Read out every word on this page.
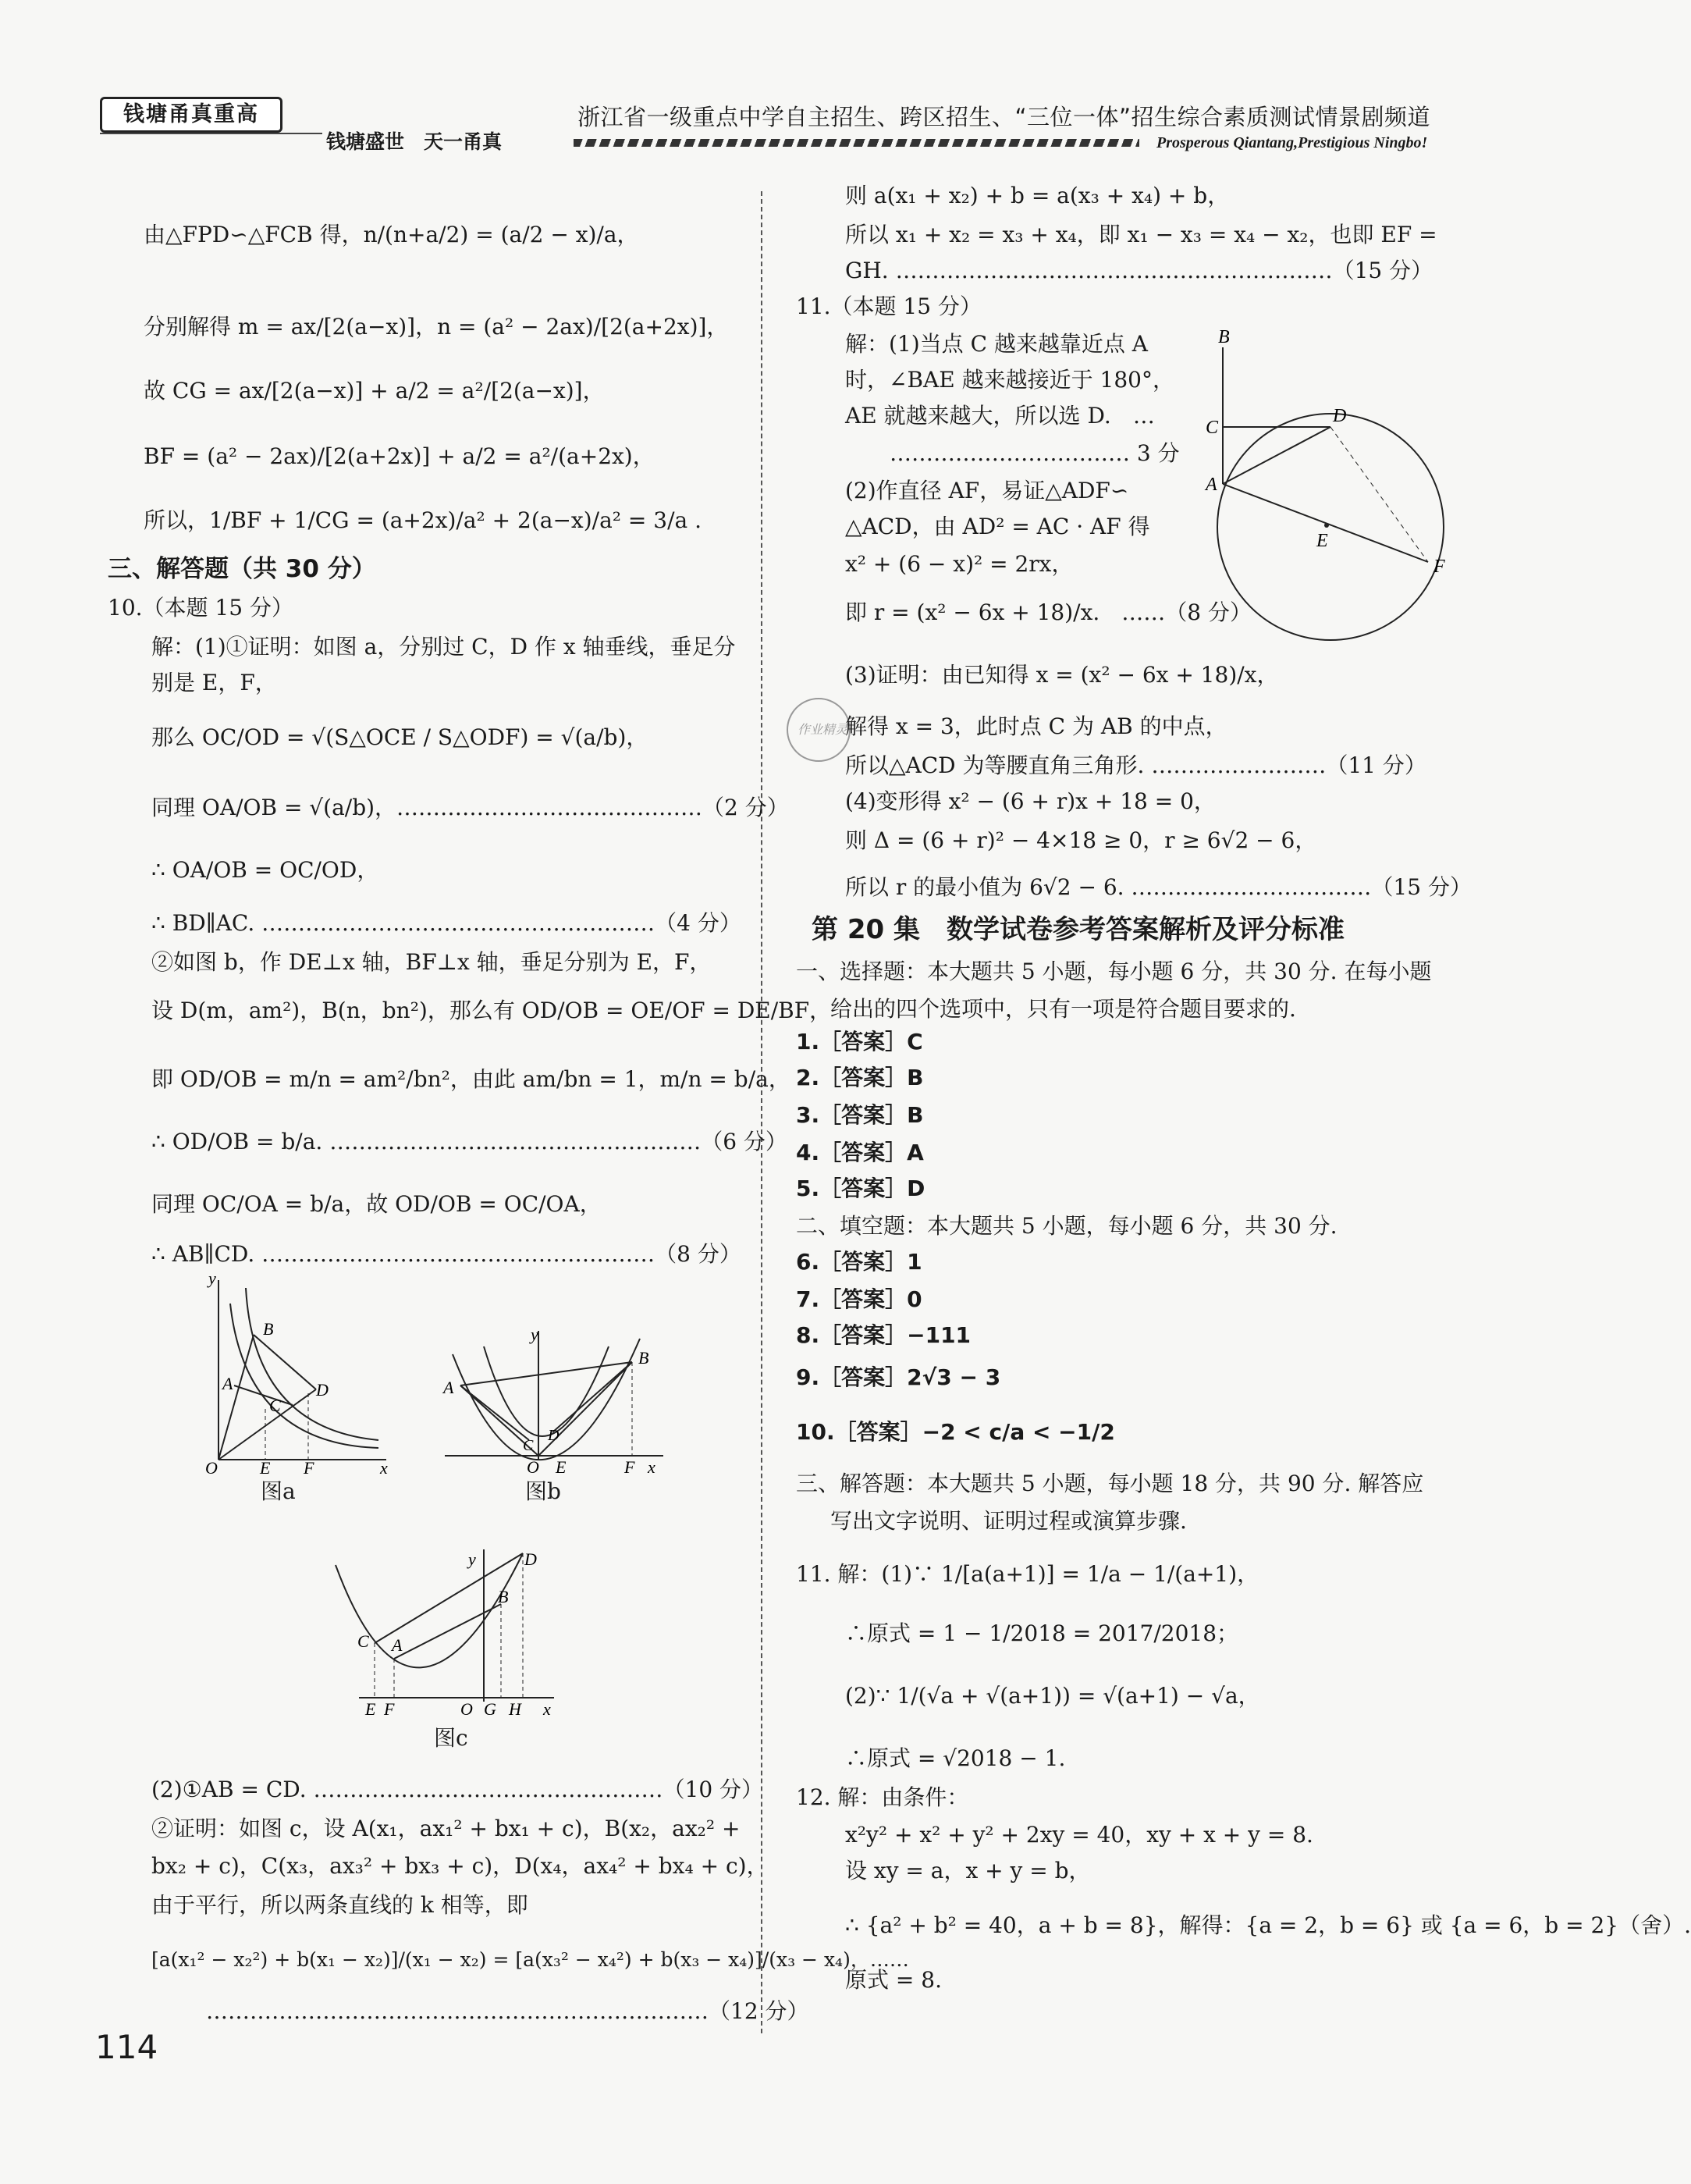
钱塘甬真重高
钱塘盛世　天一甬真
浙江省一级重点中学自主招生、跨区招生、“三位一体”招生综合素质测试情景剧频道
Prosperous Qiantang,Prestigious Ningbo!
由△FPD∽△FCB 得，n/(n+a/2) = (a/2 − x)/a，
分别解得 m = ax/[2(a−x)]，n = (a² − 2ax)/[2(a+2x)]，
故 CG = ax/[2(a−x)] + a/2 = a²/[2(a−x)]，
BF = (a² − 2ax)/[2(a+2x)] + a/2 = a²/(a+2x)，
所以，1/BF + 1/CG = (a+2x)/a² + 2(a−x)/a² = 3/a .
三、解答题（共 30 分）
10.（本题 15 分）
解：(1)①证明：如图 a，分别过 C，D 作 x 轴垂线，垂足分
别是 E，F，
那么 OC/OD = √(S△OCE / S△ODF) = √(a/b)，
同理 OA/OB = √(a/b)，……………………………………（2 分）
∴ OA/OB = OC/OD，
∴ BD∥AC. ………………………………………………（4 分）
②如图 b，作 DE⊥x 轴，BF⊥x 轴，垂足分别为 E，F，
设 D(m，am²)，B(n，bn²)，那么有 OD/OB = OE/OF = DE/BF，
即 OD/OB = m/n = am²/bn²，由此 am/bn = 1，m/n = b/a，
∴ OD/OB = b/a. ……………………………………………（6 分）
同理 OC/OA = b/a，故 OD/OB = OC/OA，
∴ AB∥CD. ………………………………………………（8 分）
y
B
A
C
D
O E F	x
图a
y
B
A
C
D
O E	F x
图b
y	D
B
C A
E F	O G H x
图c
(2)①AB = CD. …………………………………………（10 分）
②证明：如图 c，设 A(x₁，ax₁² + bx₁ + c)，B(x₂，ax₂² +
bx₂ + c)，C(x₃，ax₃² + bx₃ + c)，D(x₄，ax₄² + bx₄ + c)，
由于平行，所以两条直线的 k 相等，即
[a(x₁² − x₂²) + b(x₁ − x₂)]/(x₁ − x₂) = [a(x₃² − x₄²) + b(x₃ − x₄)]/(x₃ − x₄)，……
……………………………………………………………（12 分）
114
则 a(x₁ + x₂) + b = a(x₃ + x₄) + b，
所以 x₁ + x₂ = x₃ + x₄，即 x₁ − x₃ = x₄ − x₂，也即 EF =
GH. ……………………………………………………（15 分）
11.（本题 15 分）
解：(1)当点 C 越来越靠近点 A
时，∠BAE 越来越接近于 180°，
AE 就越来越大，所以选 D.　…
…………………………… 3 分
(2)作直径 AF，易证△ADF∽
△ACD，由 AD² = AC · AF 得
x² + (6 − x)² = 2rx，
即 r = (x² − 6x + 18)/x.　……（8 分）
B
C
D
A
E
F
作业精灵
(3)证明：由已知得 x = (x² − 6x + 18)/x，
解得 x = 3，此时点 C 为 AB 的中点，
所以△ACD 为等腰直角三角形. ……………………（11 分）
(4)变形得 x² − (6 + r)x + 18 = 0，
则 Δ = (6 + r)² − 4×18 ≥ 0，r ≥ 6√2 − 6，
所以 r 的最小值为 6√2 − 6. ……………………………（15 分）
第 20 集　数学试卷参考答案解析及评分标准
一、选择题：本大题共 5 小题，每小题 6 分，共 30 分. 在每小题
给出的四个选项中，只有一项是符合题目要求的.
1.［答案］C
2.［答案］B
3.［答案］B
4.［答案］A
5.［答案］D
二、填空题：本大题共 5 小题，每小题 6 分，共 30 分.
6.［答案］1
7.［答案］0
8.［答案］−111
9.［答案］2√3 − 3
10.［答案］−2 < c/a < −1/2
三、解答题：本大题共 5 小题，每小题 18 分，共 90 分. 解答应
写出文字说明、证明过程或演算步骤.
11. 解：(1)∵ 1/[a(a+1)] = 1/a − 1/(a+1)，
∴原式 = 1 − 1/2018 = 2017/2018；
(2)∵ 1/(√a + √(a+1)) = √(a+1) − √a，
∴原式 = √2018 − 1.
12. 解：由条件：
x²y² + x² + y² + 2xy = 40，xy + x + y = 8.
设 xy = a，x + y = b，
∴ {a² + b² = 40，a + b = 8}，解得：{a = 2，b = 6} 或 {a = 6，b = 2}（舍）.
原式 = 8.
